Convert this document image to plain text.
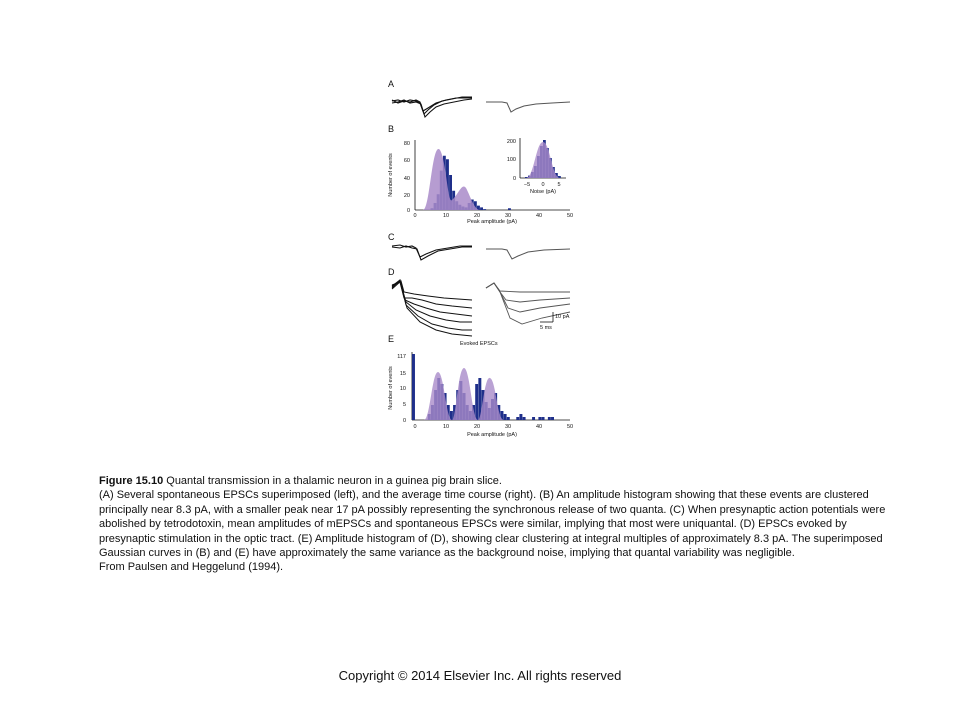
A
B
Number of events
Peak amplitude (pA)
80
60
40
20
0
0	10	20	30	40	50
200
100
0
−5 0 5
Noise (pA)
C
D
10 pA
5 ms
E	Evoked EPSCs
Number of events
Peak amplitude (pA)
117
15
10
5
0
0	10	20	30	40	50

Figure 15.10 Quantal transmission in a thalamic neuron in a guinea pig brain slice.

(A) Several spontaneous EPSCs superimposed (left), and the average time course (right). (B) An amplitude histogram showing that these events are clustered principally near 8.3 pA, with a smaller peak near 17 pA possibly representing the synchronous release of two quanta. (C) When presynaptic action potentials were abolished by tetrodotoxin, mean amplitudes of mEPSCs and spontaneous EPSCs were similar, implying that most were uniquantal. (D) EPSCs evoked by presynaptic stimulation in the optic tract. (E) Amplitude histogram of (D), showing clear clustering at integral multiples of approximately 8.3 pA. The superimposed Gaussian curves in (B) and (E) have approximately the same variance as the background noise, implying that quantal variability was negligible.

From Paulsen and Heggelund (1994).

Copyright © 2014 Elsevier Inc. All rights reserved
